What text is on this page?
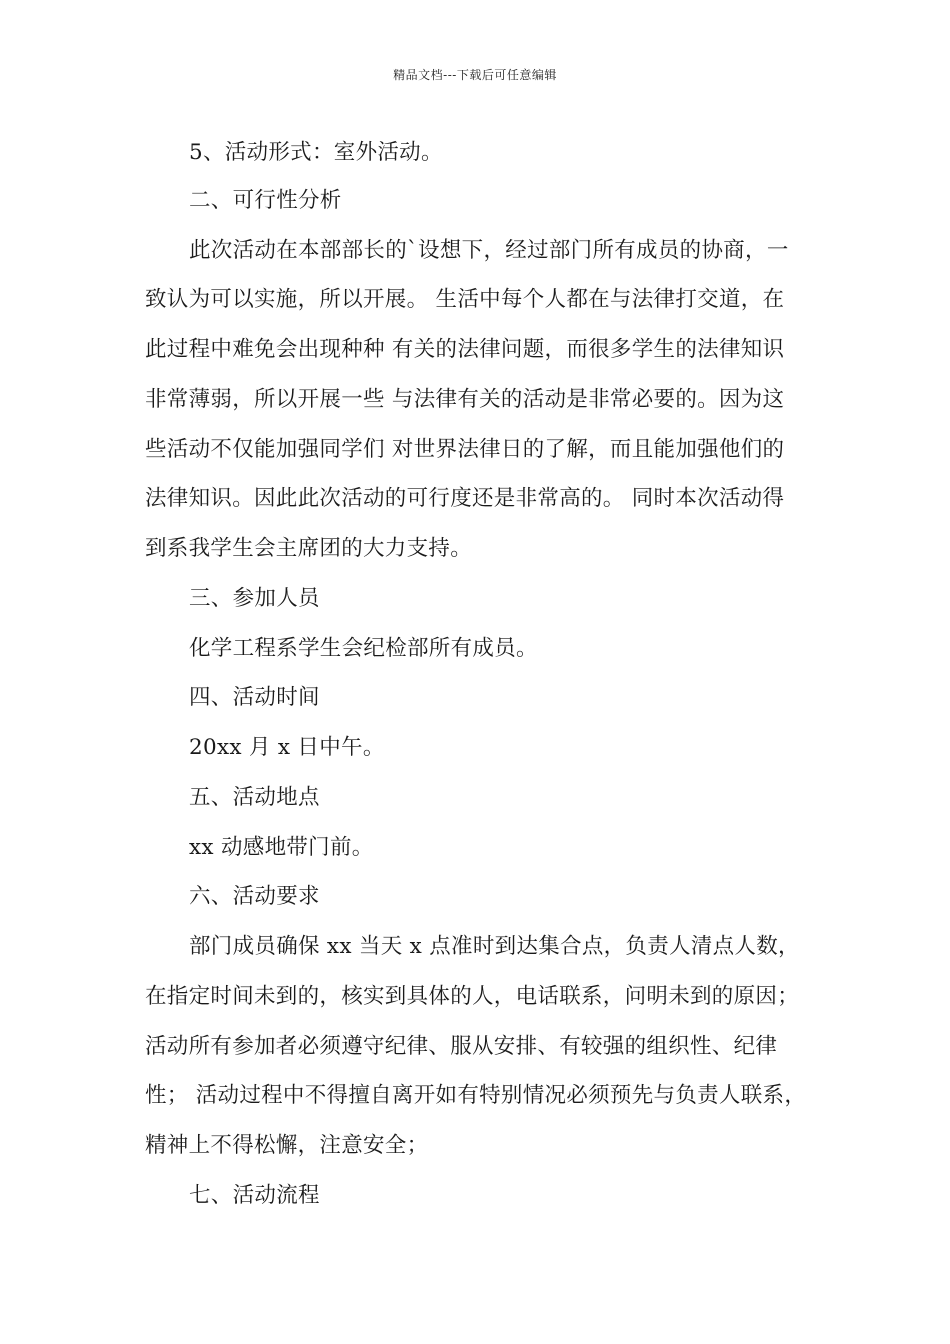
精品文档---下载后可任意编辑
5、活动形式：室外活动。
二、可行性分析
此次活动在本部部长的`设想下，经过部门所有成员的协商，一
致认为可以实施，所以开展。 生活中每个人都在与法律打交道，在
此过程中难免会出现种种 有关的法律问题，而很多学生的法律知识
非常薄弱，所以开展一些 与法律有关的活动是非常必要的。因为这
些活动不仅能加强同学们 对世界法律日的了解，而且能加强他们的
法律知识。因此此次活动的可行度还是非常高的。 同时本次活动得
到系我学生会主席团的大力支持。
三、参加人员
化学工程系学生会纪检部所有成员。
四、活动时间
20xx 月 x 日中午。
五、活动地点
xx 动感地带门前。
六、活动要求
部门成员确保 xx 当天 x 点准时到达集合点，负责人清点人数，
在指定时间未到的，核实到具体的人，电话联系，问明未到的原因；
活动所有参加者必须遵守纪律、服从安排、有较强的组织性、纪律
性； 活动过程中不得擅自离开如有特别情况必须预先与负责人联系，
精神上不得松懈，注意安全；
七、活动流程
